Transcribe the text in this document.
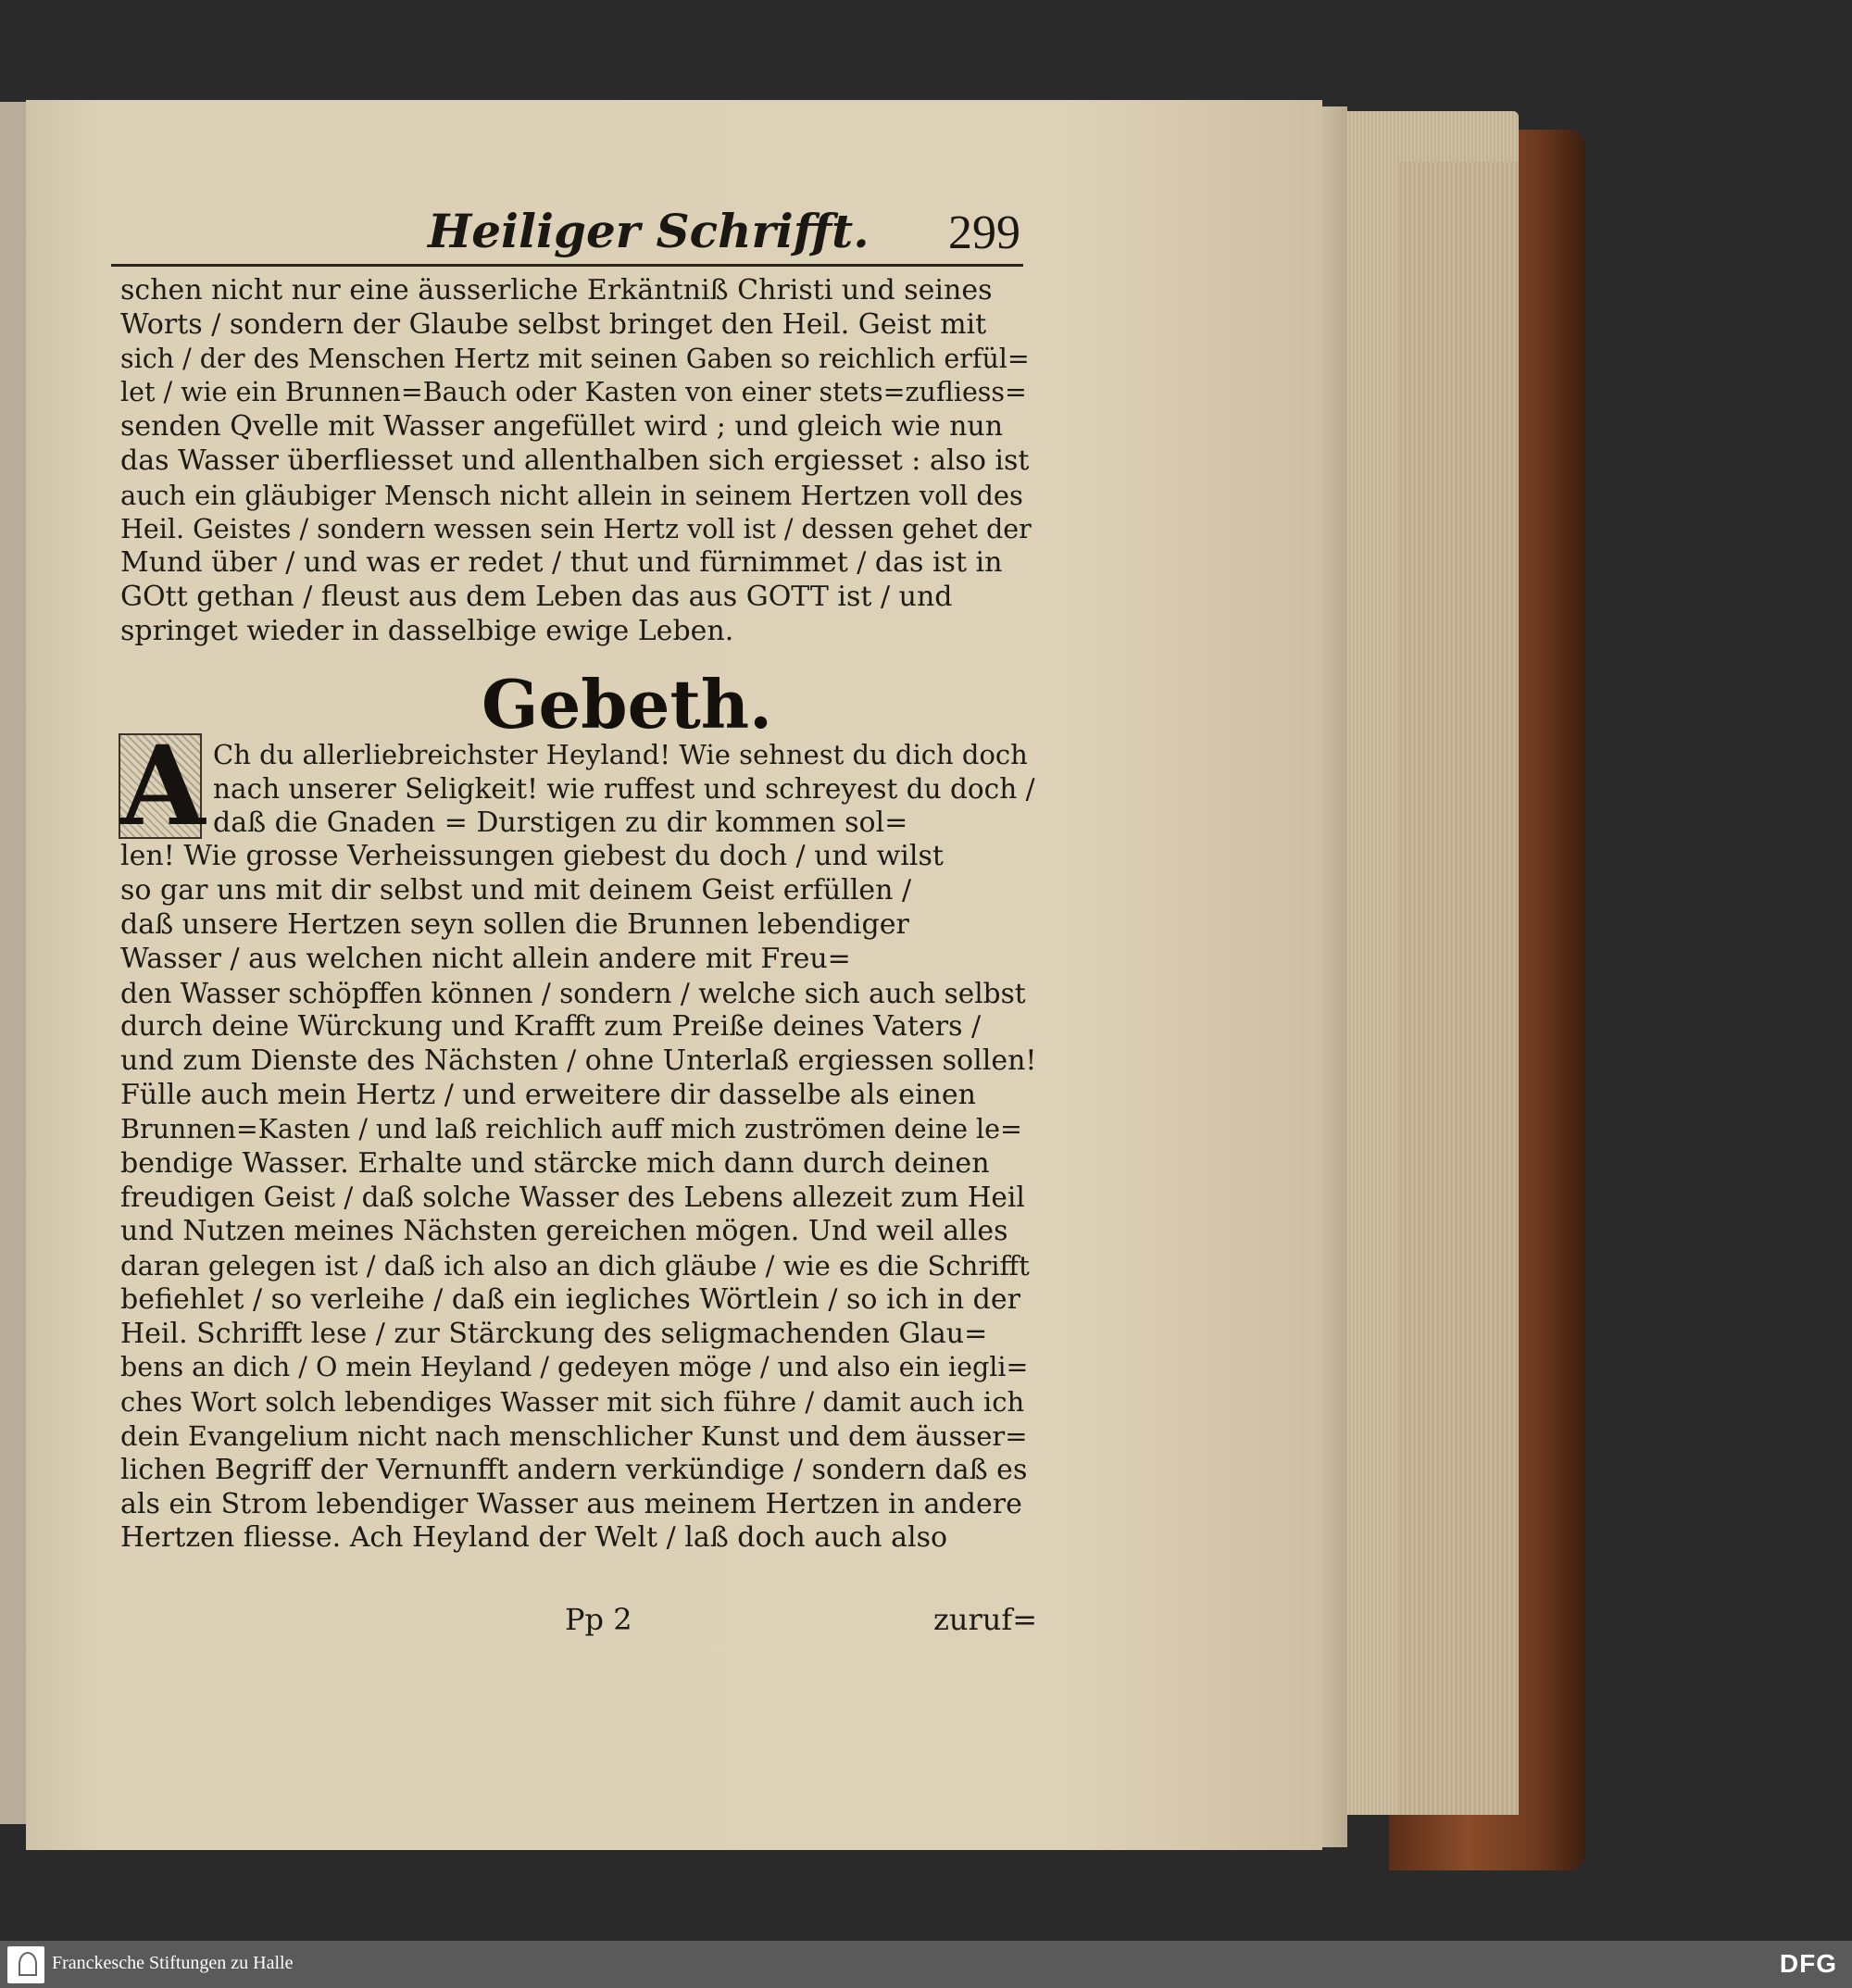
Heiliger Schrifft. 299
schen nicht nur eine äusserliche Erkäntniß Christi und seines
Worts / sondern der Glaube selbst bringet den Heil. Geist mit
sich / der des Menschen Hertz mit seinen Gaben so reichlich erfül=
let / wie ein Brunnen=Bauch oder Kasten von einer stets=zufliess=
senden Qvelle mit Wasser angefüllet wird ; und gleich wie nun
das Wasser überfliesset und allenthalben sich ergiesset : also ist
auch ein gläubiger Mensch nicht allein in seinem Hertzen voll des
Heil. Geistes / sondern wessen sein Hertz voll ist / dessen gehet der
Mund über / und was er redet / thut und fürnimmet / das ist in
GOtt gethan / fleust aus dem Leben das aus GOTT ist / und
springet wieder in dasselbige ewige Leben.
Gebeth.
A Ch du allerliebreichster Heyland! Wie sehnest du dich doch
nach unserer Seligkeit! wie ruffest und schreyest du doch /
daß die Gnaden = Durstigen zu dir kommen sol=
len! Wie grosse Verheissungen giebest du doch / und wilst
so gar uns mit dir selbst und mit deinem Geist erfüllen /
daß unsere Hertzen seyn sollen die Brunnen lebendiger
Wasser / aus welchen nicht allein andere mit Freu=
den Wasser schöpffen können / sondern / welche sich auch selbst
durch deine Würckung und Krafft zum Preiße deines Vaters /
und zum Dienste des Nächsten / ohne Unterlaß ergiessen sollen!
Fülle auch mein Hertz / und erweitere dir dasselbe als einen
Brunnen=Kasten / und laß reichlich auff mich zuströmen deine le=
bendige Wasser. Erhalte und stärcke mich dann durch deinen
freudigen Geist / daß solche Wasser des Lebens allezeit zum Heil
und Nutzen meines Nächsten gereichen mögen. Und weil alles
daran gelegen ist / daß ich also an dich gläube / wie es die Schrifft
befiehlet / so verleihe / daß ein iegliches Wörtlein / so ich in der
Heil. Schrifft lese / zur Stärckung des seligmachenden Glau=
bens an dich / O mein Heyland / gedeyen möge / und also ein iegli=
ches Wort solch lebendiges Wasser mit sich führe / damit auch ich
dein Evangelium nicht nach menschlicher Kunst und dem äusser=
lichen Begriff der Vernunfft andern verkündige / sondern daß es
als ein Strom lebendiger Wasser aus meinem Hertzen in andere
Hertzen fliesse. Ach Heyland der Welt / laß doch auch also
Pp 2	zuruf=
Franckesche Stiftungen zu Halle	DFG
